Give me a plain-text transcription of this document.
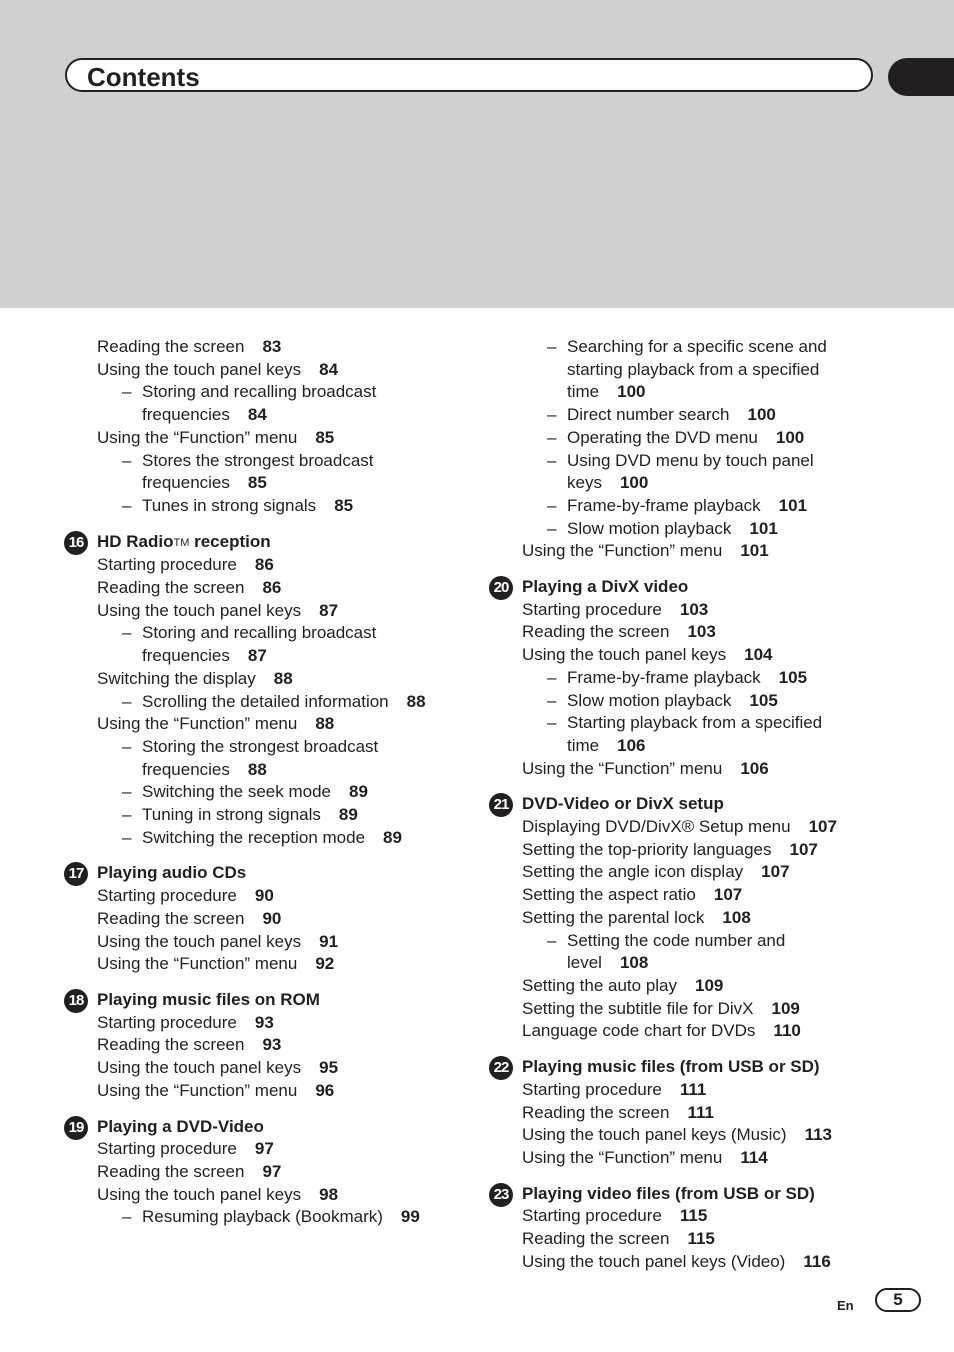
Contents
Reading the screen 83
Using the touch panel keys 84
– Storing and recalling broadcast
frequencies 84
Using the “Function” menu 85
– Stores the strongest broadcast
frequencies 85
– Tunes in strong signals 85
16 HD RadioTM reception
Starting procedure 86
Reading the screen 86
Using the touch panel keys 87
– Storing and recalling broadcast
frequencies 87
Switching the display 88
– Scrolling the detailed information 88
Using the “Function” menu 88
– Storing the strongest broadcast
frequencies 88
– Switching the seek mode 89
– Tuning in strong signals 89
– Switching the reception mode 89
17 Playing audio CDs
Starting procedure 90
Reading the screen 90
Using the touch panel keys 91
Using the “Function” menu 92
18 Playing music files on ROM
Starting procedure 93
Reading the screen 93
Using the touch panel keys 95
Using the “Function” menu 96
19 Playing a DVD-Video
Starting procedure 97
Reading the screen 97
Using the touch panel keys 98
– Resuming playback (Bookmark) 99
– Searching for a specific scene and
starting playback from a specified
time 100
– Direct number search 100
– Operating the DVD menu 100
– Using DVD menu by touch panel
keys 100
– Frame-by-frame playback 101
– Slow motion playback 101
Using the “Function” menu 101
20 Playing a DivX video
Starting procedure 103
Reading the screen 103
Using the touch panel keys 104
– Frame-by-frame playback 105
– Slow motion playback 105
– Starting playback from a specified
time 106
Using the “Function” menu 106
21 DVD-Video or DivX setup
Displaying DVD/DivX® Setup menu 107
Setting the top-priority languages 107
Setting the angle icon display 107
Setting the aspect ratio 107
Setting the parental lock 108
– Setting the code number and
level 108
Setting the auto play 109
Setting the subtitle file for DivX 109
Language code chart for DVDs 110
22 Playing music files (from USB or SD)
Starting procedure 111
Reading the screen 111
Using the touch panel keys (Music) 113
Using the “Function” menu 114
23 Playing video files (from USB or SD)
Starting procedure 115
Reading the screen 115
Using the touch panel keys (Video) 116
En	5
